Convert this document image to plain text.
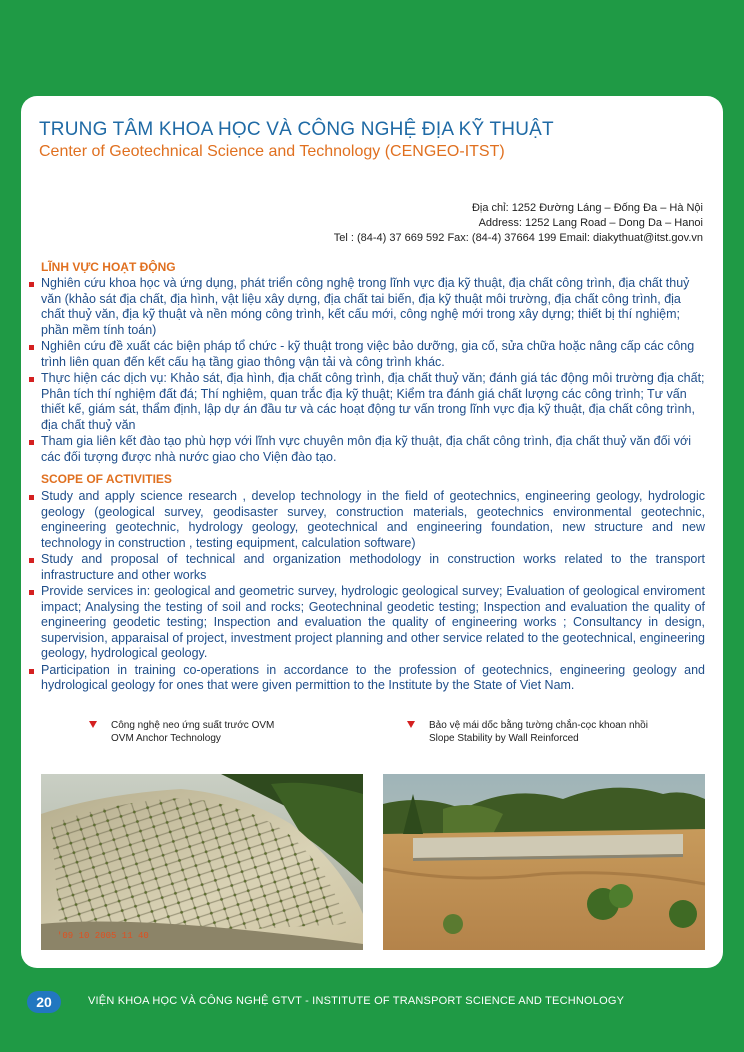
TRUNG TÂM KHOA HỌC VÀ CÔNG NGHỆ ĐỊA KỸ THUẬT
Center of Geotechnical Science and Technology (CENGEO-ITST)
Địa chỉ: 1252 Đường Láng – Đống Đa – Hà Nội
Address: 1252 Lang Road – Dong Da – Hanoi
Tel : (84-4) 37 669 592 Fax: (84-4) 37664 199 Email: diakythuat@itst.gov.vn
LĨNH VỰC HOẠT ĐỘNG
Nghiên cứu khoa học và ứng dụng, phát triển công nghệ trong lĩnh vực địa kỹ thuật, địa chất công trình, địa chất thuỷ văn (khảo sát địa chất, địa hình, vật liệu xây dựng, địa chất tai biến, địa kỹ thuật môi trường, địa chất công trình, địa chất thuỷ văn, địa kỹ thuật và nền móng công trình, kết cấu mới, công nghệ mới trong xây dựng; thiết bị thí nghiệm; phần mềm tính toán)
Nghiên cứu đề xuất các biện pháp tổ chức - kỹ thuật trong việc bảo dưỡng, gia cố, sửa chữa hoặc nâng cấp các công trình liên quan đến kết cấu hạ tầng giao thông vận tải và công trình khác.
Thực hiện các dịch vụ: Khảo sát, địa hình, địa chất công trình, địa chất thuỷ văn; đánh giá tác động môi trường địa chất; Phân tích thí nghiệm đất đá; Thí nghiệm, quan trắc địa kỹ thuật; Kiểm tra đánh giá chất lượng các công trình; Tư vấn thiết kế, giám sát, thẩm định, lập dự án đầu tư và các hoạt động tư vấn trong lĩnh vực địa kỹ thuật, địa chất công trình, địa chất thuỷ văn
Tham gia liên kết đào tạo phù hợp với lĩnh vực chuyên môn địa kỹ thuật, địa chất công trình, địa chất thuỷ văn đối với các đối tượng được nhà nước giao cho Viện đào tạo.
SCOPE OF ACTIVITIES
Study and apply science research , develop technology in the field of geotechnics, engineering geology, hydrologic geology (geological survey, geodisaster survey, construction materials, geotechnics environmental geotechnic, engineering geotechnic, hydrology geology, geotechnical and engineering foundation, new structure and new technology in construction , testing equipment, calculation software)
Study and proposal of technical and organization methodology in construction works related to the transport infrastructure and other works
Provide services in: geological and geometric survey, hydrologic geological survey; Evaluation of geological enviroment impact; Analysing the testing of soil and rocks; Geotechninal geodetic testing; Inspection and evaluation the quality of engineering geodetic testing; Inspection and evaluation the quality of engineering works ; Consultancy in design, supervision, apparaisal of project, investment project planning and other service related to the geotechnical, engineering geology, hydrological geology.
Participation in training co-operations in accordance to the profession of geotechnics, engineering geology and hydrological geology for ones that were given permittion to the Institute by the State of Viet Nam.
Công nghệ neo ứng suất trước OVM
OVM Anchor Technology
Bảo vệ mái dốc bằng tường chắn-cọc khoan nhồi
Slope Stability by Wall Reinforced
'09 10 2005 11 40
20	VIỆN KHOA HỌC VÀ CÔNG NGHỆ GTVT - INSTITUTE OF TRANSPORT SCIENCE AND TECHNOLOGY
